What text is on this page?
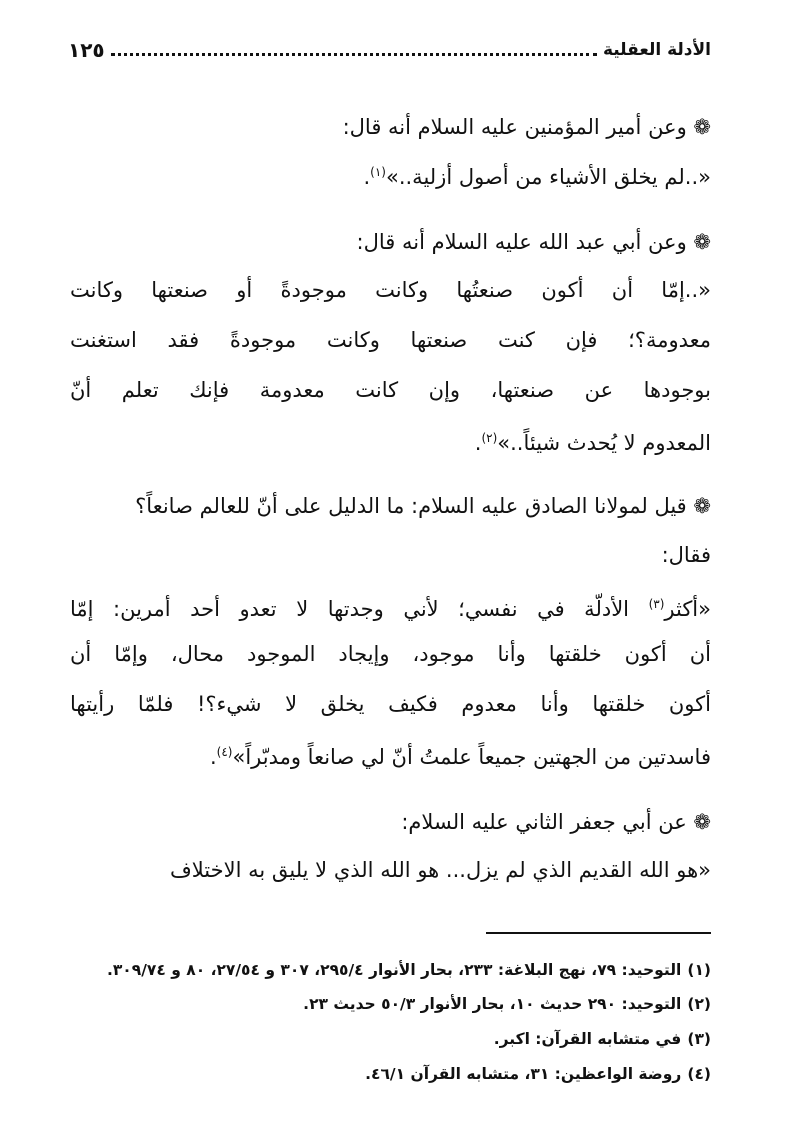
الأدلة العقلية
١٢٥
❁ وعن أمير المؤمنين عليه السلام أنه قال:
«..لم يخلق الأشياء من أصول أزلية..»$^{(١)}$.
❁ وعن أبي عبد الله عليه السلام أنه قال:
«..إمّا أن أكون صنعتُها وكانت موجودةً أو صنعتها وكانت
معدومة؟؛ فإن كنت صنعتها وكانت موجودةً فقد استغنت
بوجودها عن صنعتها، وإن كانت معدومة فإنك تعلم أنّ
المعدوم لا يُحدث شيئاً..»$^{(٢)}$.
❁ قيل لمولانا الصادق عليه السلام: ما الدليل على أنّ للعالم صانعاً؟
فقال:
«أكثر$^{(٣)}$ الأدلّة في نفسي؛ لأني وجدتها لا تعدو أحد أمرين: إمّا
أن أكون خلقتها وأنا موجود، وإيجاد الموجود محال، وإمّا أن
أكون خلقتها وأنا معدوم فكيف يخلق لا شيء؟! فلمّا رأيتها
فاسدتين من الجهتين جميعاً علمتُ أنّ لي صانعاً ومدبّراً»$^{(٤)}$.
❁ عن أبي جعفر الثاني عليه السلام:
«هو الله القديم الذي لم يزل... هو الله الذي لا يليق به الاختلاف
(١)التوحيد: ٧٩، نهج البلاغة: ٢٣٣، بحار الأنوار ٢٩٥/٤، ٣٠٧ و ٢٧/٥٤، ٨٠ و ٣٠٩/٧٤.
(٢)التوحيد: ٢٩٠ حديث ١٠، بحار الأنوار ٥٠/٣ حديث ٢٣.
(٣)في متشابه القرآن: اكبر.
(٤)روضة الواعظين: ٣١، متشابه القرآن ٤٦/١.
